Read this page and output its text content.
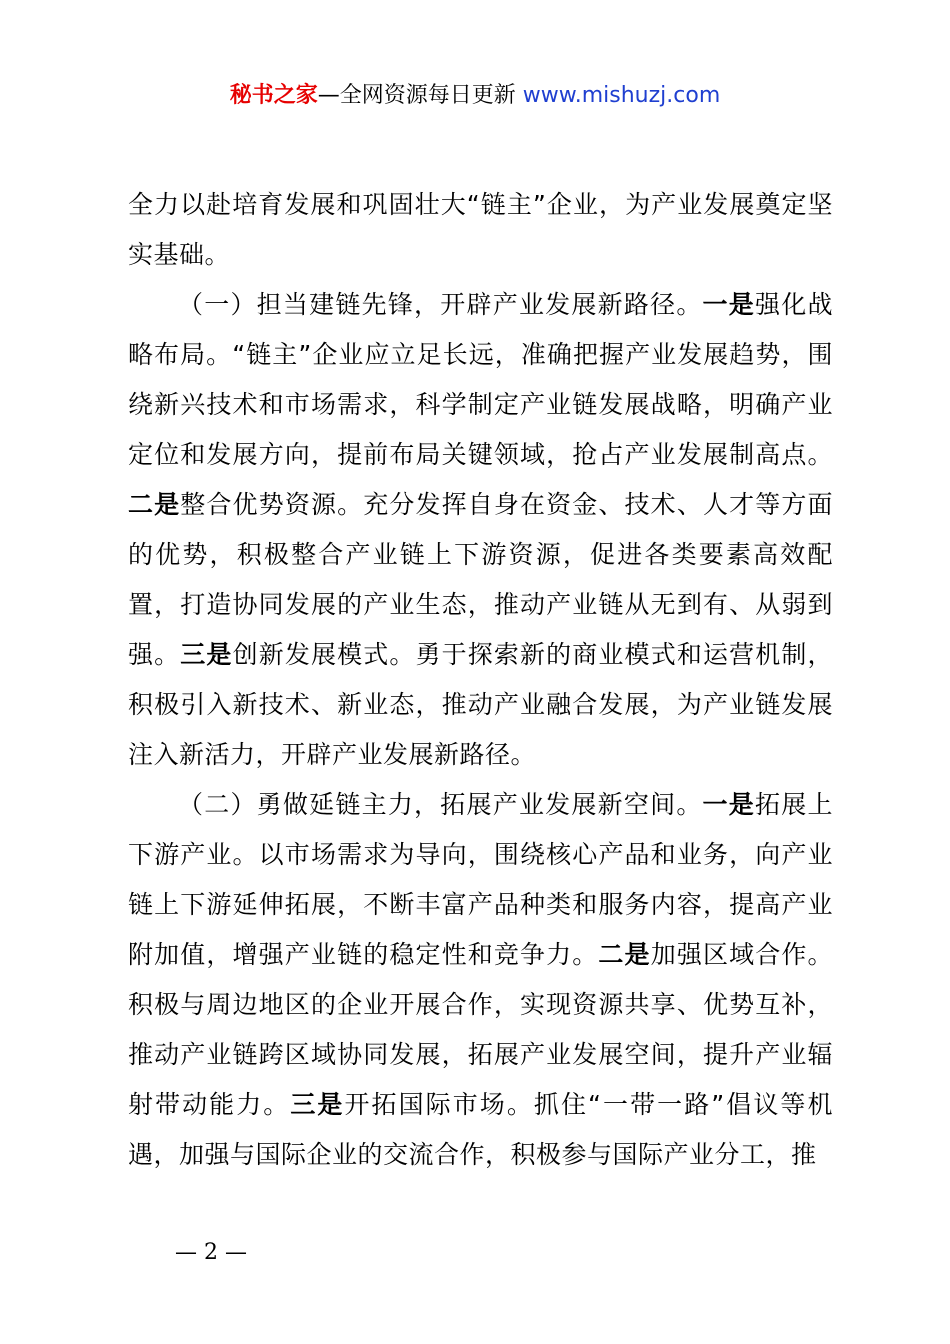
秘书之家—全网资源每日更新 www.mishuzj.com

全力以赴培育发展和巩固壮大“链主”企业，为产业发展奠定坚实基础。

（一）担当建链先锋，开辟产业发展新路径。一是强化战略布局。“链主”企业应立足长远，准确把握产业发展趋势，围绕新兴技术和市场需求，科学制定产业链发展战略，明确产业定位和发展方向，提前布局关键领域，抢占产业发展制高点。二是整合优势资源。充分发挥自身在资金、技术、人才等方面的优势，积极整合产业链上下游资源，促进各类要素高效配置，打造协同发展的产业生态，推动产业链从无到有、从弱到强。三是创新发展模式。勇于探索新的商业模式和运营机制，积极引入新技术、新业态，推动产业融合发展，为产业链发展注入新活力，开辟产业发展新路径。

（二）勇做延链主力，拓展产业发展新空间。一是拓展上下游产业。以市场需求为导向，围绕核心产品和业务，向产业链上下游延伸拓展，不断丰富产品种类和服务内容，提高产业附加值，增强产业链的稳定性和竞争力。二是加强区域合作。积极与周边地区的企业开展合作，实现资源共享、优势互补，推动产业链跨区域协同发展，拓展产业发展空间，提升产业辐射带动能力。三是开拓国际市场。抓住“一带一路”倡议等机遇，加强与国际企业的交流合作，积极参与国际产业分工，推

— 2 —
